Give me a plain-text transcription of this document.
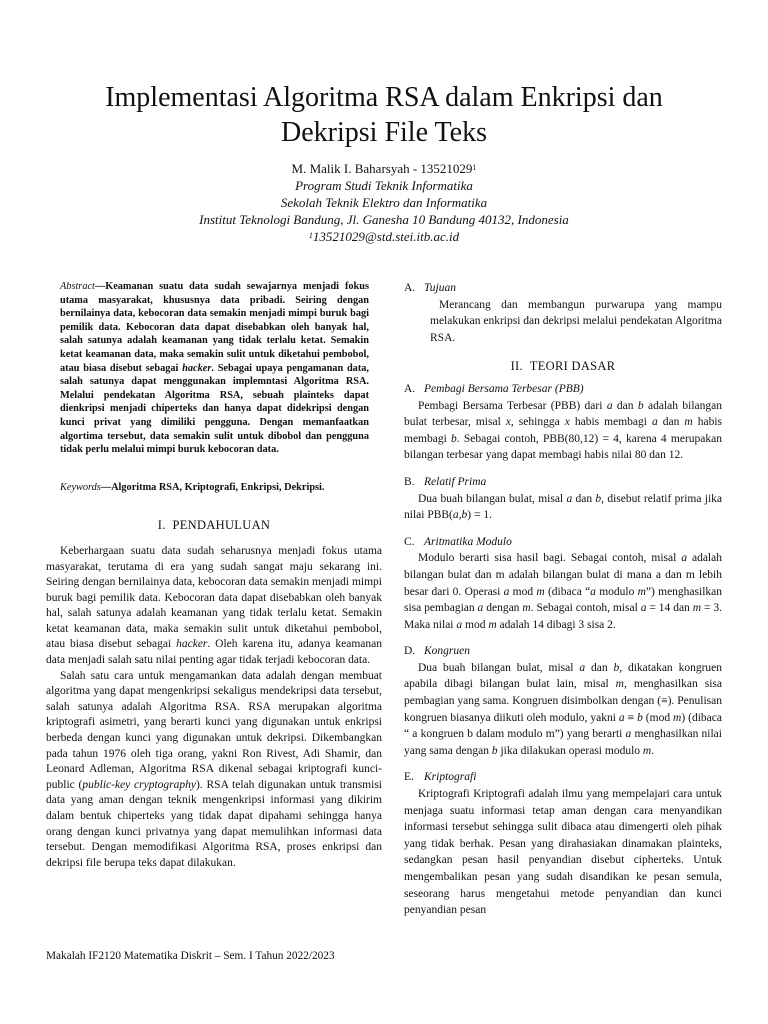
Implementasi Algoritma RSA dalam Enkripsi dan
Dekripsi File Teks
M. Malik I. Baharsyah - 13521029$^1$
Program Studi Teknik Informatika
Sekolah Teknik Elektro dan Informatika
Institut Teknologi Bandung, Jl. Ganesha 10 Bandung 40132, Indonesia
$^1$13521029@std.stei.itb.ac.id

Abstract—Keamanan suatu data sudah sewajarnya menjadi fokus utama masyarakat, khususnya data pribadi. Seiring dengan bernilainya data, kebocoran data semakin menjadi mimpi buruk bagi pemilik data. Kebocoran data dapat disebabkan oleh banyak hal, salah satunya adalah keamanan yang tidak terlalu ketat. Semakin ketat keamanan data, maka semakin sulit untuk diketahui pembobol, atau biasa disebut sebagai hacker. Sebagai upaya pengamanan data, salah satunya dapat menggunakan implemntasi Algoritma RSA. Melalui pendekatan Algoritma RSA, sebuah plainteks dapat dienkripsi menjadi chiperteks dan hanya dapat didekripsi dengan kunci privat yang dimiliki pengguna. Dengan memanfaatkan algortima tersebut, data semakin sulit untuk dibobol dan pengguna tidak perlu melalui mimpi buruk kebocoran data.

Keywords—Algoritma RSA, Kriptografi, Enkripsi, Dekripsi.

I.  PENDAHULUAN

Keberhargaan suatu data sudah seharusnya menjadi fokus utama masyarakat, terutama di era yang sudah sangat maju sekarang ini. Seiring dengan bernilainya data, kebocoran data semakin menjadi mimpi buruk bagi pemilik data. Kebocoran data dapat disebabkan oleh banyak hal, salah satunya adalah keamanan yang tidak terlalu ketat. Semakin ketat keamanan data, maka semakin sulit untuk diketahui pembobol, atau biasa disebut sebagai hacker. Oleh karena itu, adanya keamanan data menjadi salah satu nilai penting agar tidak terjadi kebocoran data.

Salah satu cara untuk mengamankan data adalah dengan membuat algoritma yang dapat mengenkripsi sekaligus mendekripsi data tersebut, salah satunya adalah Algoritma RSA. RSA merupakan algoritma kriptografi asimetri, yang berarti kunci yang digunakan untuk enkripsi berbeda dengan kunci yang digunakan untuk dekripsi. Dikembangkan pada tahun 1976 oleh tiga orang, yakni Ron Rivest, Adi Shamir, dan Leonard Adleman, Algoritma RSA dikenal sebagai kriptografi kunci-public (public-key cryptography). RSA telah digunakan untuk transmisi data yang aman dengan teknik mengenkripsi informasi yang dikirim dalam bentuk chiperteks yang tidak dapat dipahami sehingga hanya orang dengan kunci privatnya yang dapat memulihkan informasi data tersebut. Dengan memodifikasi Algoritma RSA, proses enkripsi dan dekripsi file berupa teks dapat dilakukan.

A. Tujuan

Merancang dan membangun purwarupa yang mampu melakukan enkripsi dan dekripsi melalui pendekatan Algoritma RSA.

II.  TEORI DASAR

A. Pembagi Bersama Terbesar (PBB)

Pembagi Bersama Terbesar (PBB) dari a dan b adalah bilangan bulat terbesar, misal x, sehingga x habis membagi a dan m habis membagi b. Sebagai contoh, PBB(80,12) = 4, karena 4 merupakan bilangan terbesar yang dapat membagi habis nilai 80 dan 12.

B. Relatif Prima

Dua buah bilangan bulat, misal a dan b, disebut relatif prima jika nilai PBB(a,b) = 1.

C. Aritmatika Modulo

Modulo berarti sisa hasil bagi. Sebagai contoh, misal a adalah bilangan bulat dan m adalah bilangan bulat di mana a dan m lebih besar dari 0. Operasi a mod m (dibaca “a modulo m”) menghasilkan sisa pembagian a dengan m. Sebagai contoh, misal a = 14 dan m = 3. Maka nilai a mod m adalah 14 dibagi 3 sisa 2.

D. Kongruen

Dua buah bilangan bulat, misal a dan b, dikatakan kongruen apabila dibagi bilangan bulat lain, misal m, menghasilkan sisa pembagian yang sama. Kongruen disimbolkan dengan (≡). Penulisan kongruen biasanya diikuti oleh modulo, yakni a ≡ b (mod m) (dibaca “ a kongruen b dalam modulo m”) yang berarti a menghasilkan nilai yang sama dengan b jika dilakukan operasi modulo m.

E. Kriptografi

Kriptografi Kriptografi adalah ilmu yang mempelajari cara untuk menjaga suatu informasi tetap aman dengan cara menyandikan informasi tersebut sehingga sulit dibaca atau dimengerti oleh pihak yang tidak berhak. Pesan yang dirahasiakan dinamakan plainteks, sedangkan pesan hasil penyandian disebut cipherteks. Untuk mengembalikan pesan yang sudah disandikan ke pesan semula, seseorang harus mengetahui metode penyandian dan kunci penyandian pesan

Makalah IF2120 Matematika Diskrit – Sem. I Tahun 2022/2023
